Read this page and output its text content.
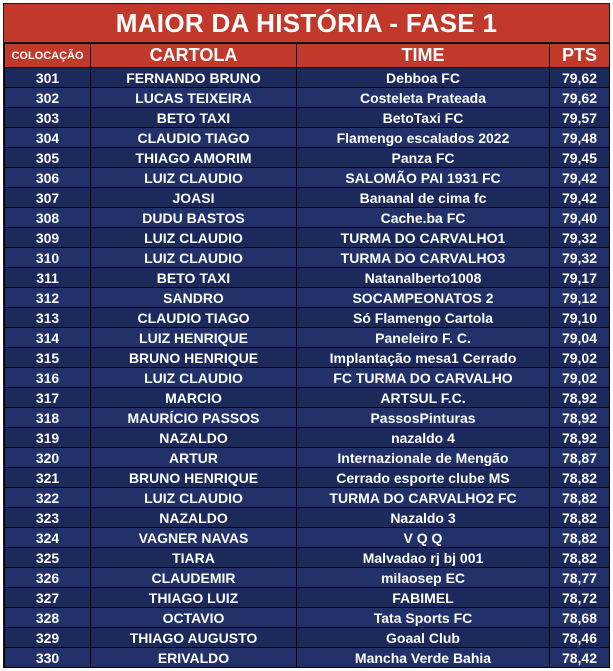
MAIOR DA HISTÓRIA - FASE 1
COLOCAÇÃO	CARTOLA	TIME	PTS
301	FERNANDO BRUNO	Debboa FC	79,62
302	LUCAS TEIXEIRA	Costeleta Prateada	79,62
303	BETO TAXI	BetoTaxi FC	79,57
304	CLAUDIO TIAGO	Flamengo escalados 2022	79,48
305	THIAGO AMORIM	Panza FC	79,45
306	LUIZ CLAUDIO	SALOMÃO PAI 1931 FC	79,42
307	JOASI	Bananal de cima fc	79,42
308	DUDU BASTOS	Cache.ba FC	79,40
309	LUIZ CLAUDIO	TURMA DO CARVALHO1	79,32
310	LUIZ CLAUDIO	TURMA DO CARVALHO3	79,32
311	BETO TAXI	Natanalberto1008	79,17
312	SANDRO	SOCAMPEONATOS 2	79,12
313	CLAUDIO TIAGO	Só Flamengo Cartola	79,10
314	LUIZ HENRIQUE	Paneleiro F. C.	79,04
315	BRUNO HENRIQUE	Implantação mesa1 Cerrado	79,02
316	LUIZ CLAUDIO	FC TURMA DO CARVALHO	79,02
317	MARCIO	ARTSUL F.C.	78,92
318	MAURÍCIO PASSOS	PassosPinturas	78,92
319	NAZALDO	nazaldo 4	78,92
320	ARTUR	Internazionale de Mengão	78,87
321	BRUNO HENRIQUE	Cerrado esporte clube MS	78,82
322	LUIZ CLAUDIO	TURMA DO CARVALHO2 FC	78,82
323	NAZALDO	Nazaldo 3	78,82
324	VAGNER NAVAS	V Q Q	78,82
325	TIARA	Malvadao rj bj 001	78,82
326	CLAUDEMIR	milaosep EC	78,77
327	THIAGO LUIZ	FABIMEL	78,72
328	OCTAVIO	Tata Sports FC	78,68
329	THIAGO AUGUSTO	Goaal Club	78,46
330	ERIVALDO	Mancha Verde Bahia	78,42
